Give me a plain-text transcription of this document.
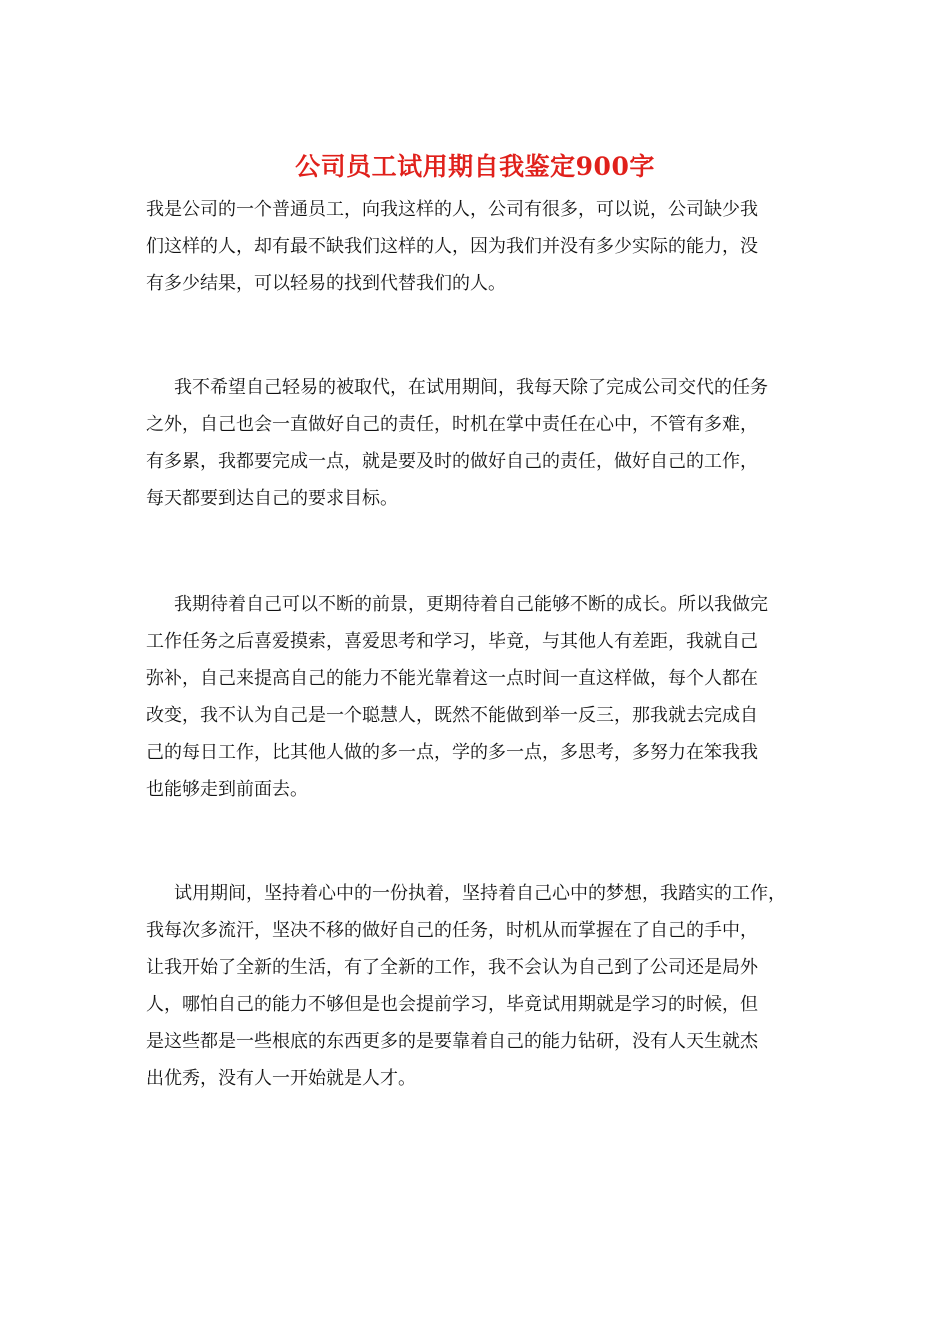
公司员工试用期自我鉴定900字
我是公司的一个普通员工，向我这样的人，公司有很多，可以说，公司缺少我
们这样的人，却有最不缺我们这样的人，因为我们并没有多少实际的能力，没
有多少结果，可以轻易的找到代替我们的人。
我不希望自己轻易的被取代，在试用期间，我每天除了完成公司交代的任务
之外，自己也会一直做好自己的责任，时机在掌中责任在心中，不管有多难，
有多累，我都要完成一点，就是要及时的做好自己的责任，做好自己的工作，
每天都要到达自己的要求目标。
我期待着自己可以不断的前景，更期待着自己能够不断的成长。所以我做完
工作任务之后喜爱摸索，喜爱思考和学习，毕竟，与其他人有差距，我就自己
弥补，自己来提高自己的能力不能光靠着这一点时间一直这样做，每个人都在
改变，我不认为自己是一个聪慧人，既然不能做到举一反三，那我就去完成自
己的每日工作，比其他人做的多一点，学的多一点，多思考，多努力在笨我我
也能够走到前面去。
试用期间，坚持着心中的一份执着，坚持着自己心中的梦想，我踏实的工作，
我每次多流汗，坚决不移的做好自己的任务，时机从而掌握在了自己的手中，
让我开始了全新的生活，有了全新的工作，我不会认为自己到了公司还是局外
人，哪怕自己的能力不够但是也会提前学习，毕竟试用期就是学习的时候，但
是这些都是一些根底的东西更多的是要靠着自己的能力钻研，没有人天生就杰
出优秀，没有人一开始就是人才。
